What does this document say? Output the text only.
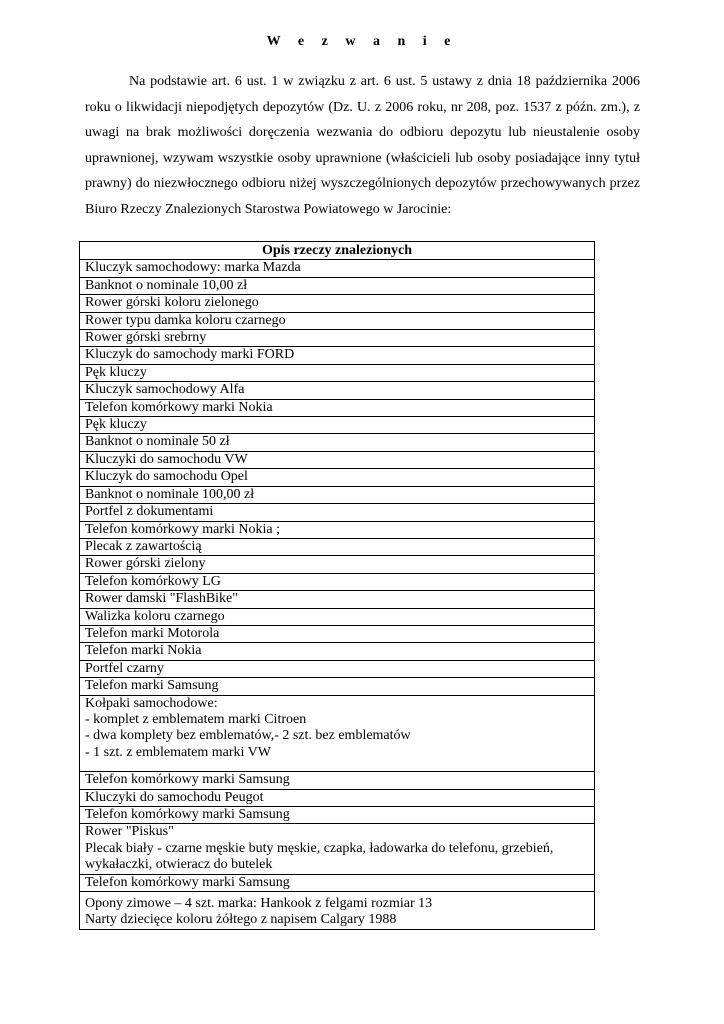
W e z w a n i e

Na podstawie art. 6 ust. 1 w związku z art. 6 ust. 5 ustawy z dnia 18 października 2006 roku o likwidacji niepodjętych depozytów (Dz. U. z 2006 roku, nr 208, poz. 1537 z późn. zm.), z uwagi na brak możliwości doręczenia wezwania do odbioru depozytu lub nieustalenie osoby uprawnionej, wzywam wszystkie osoby uprawnione (właścicieli lub osoby posiadające inny tytuł prawny) do niezwłocznego odbioru niżej wyszczególnionych depozytów przechowywanych przez Biuro Rzeczy Znalezionych Starostwa Powiatowego w Jarocinie:

Opis rzeczy znalezionych

Kluczyk samochodowy: marka Mazda

Banknot o nominale 10,00 zł

Rower górski koloru zielonego

Rower typu damka koloru czarnego

Rower górski srebrny

Kluczyk do samochody marki FORD

Pęk kluczy

Kluczyk samochodowy Alfa

Telefon komórkowy marki Nokia

Pęk kluczy

Banknot o nominale 50 zł

Kluczyki do samochodu VW

Kluczyk do samochodu Opel

Banknot o nominale 100,00 zł

Portfel z dokumentami

Telefon komórkowy marki Nokia ;

Plecak z zawartością

Rower górski zielony

Telefon komórkowy LG

Rower damski "FlashBike"

Walizka koloru czarnego

Telefon marki Motorola

Telefon marki Nokia

Portfel czarny

Telefon marki Samsung

Kołpaki samochodowe:
- komplet z emblematem marki Citroen
- dwa komplety bez emblematów,- 2 szt. bez emblematów
- 1 szt. z emblematem marki VW

Telefon komórkowy marki Samsung

Kluczyki do samochodu Peugot

Telefon komórkowy marki Samsung

Rower "Piskus"
Plecak biały - czarne męskie buty męskie, czapka, ładowarka do telefonu, grzebień,
wykałaczki, otwieracz do butelek

Telefon komórkowy marki Samsung

Opony zimowe – 4 szt. marka: Hankook z felgami rozmiar 13
Narty dziecięce koloru żółtego z napisem Calgary 1988
